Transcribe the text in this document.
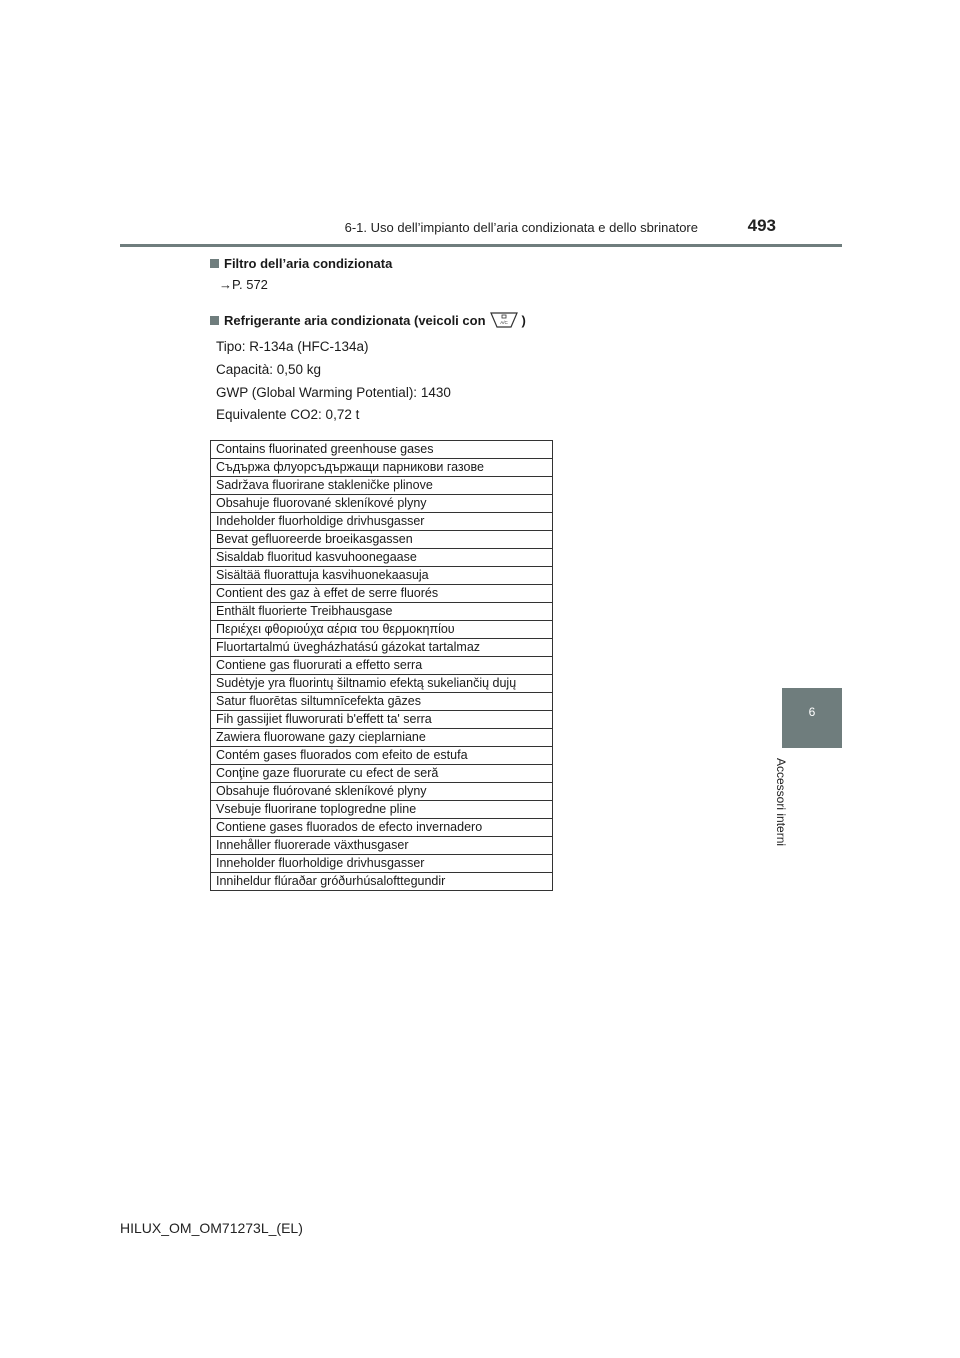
6-1. Uso dell’impianto dell’aria condizionata e dello sbrinatore	493
6
Accessori interni
Filtro dell’aria condizionata
→P. 572
Refrigerante aria condizionata (veicoli con	A/C )
Tipo: R-134a (HFC-134a)
Capacità: 0,50 kg
GWP (Global Warming Potential): 1430
Equivalente CO2: 0,72 t
Contains fluorinated greenhouse gases
Съдържа флуорсъдържащи парникови газове
Sadržava fluorirane stakleničke plinove
Obsahuje fluorované skleníkové plyny
Indeholder fluorholdige drivhusgasser
Bevat gefluoreerde broeikasgassen
Sisaldab fluoritud kasvuhoonegaase
Sisältää fluorattuja kasvihuonekaasuja
Contient des gaz à effet de serre fluorés
Enthält fluorierte Treibhausgase
Περιέχει φθοριούχα αέρια του θερμοκηπίου
Fluortartalmú üvegházhatású gázokat tartalmaz
Contiene gas fluorurati a effetto serra
Sudėtyje yra fluorintų šiltnamio efektą sukeliančių dujų
Satur fluorētas siltumnīcefekta gāzes
Fih gassijiet fluworurati b'effett ta' serra
Zawiera fluorowane gazy cieplarniane
Contém gases fluorados com efeito de estufa
Conţine gaze fluorurate cu efect de seră
Obsahuje fluórované skleníkové plyny
Vsebuje fluorirane toplogredne pline
Contiene gases fluorados de efecto invernadero
Innehåller fluorerade växthusgaser
Inneholder fluorholdige drivhusgasser
Inniheldur flúraðar gróðurhúsalofttegundir
HILUX_OM_OM71273L_(EL)
